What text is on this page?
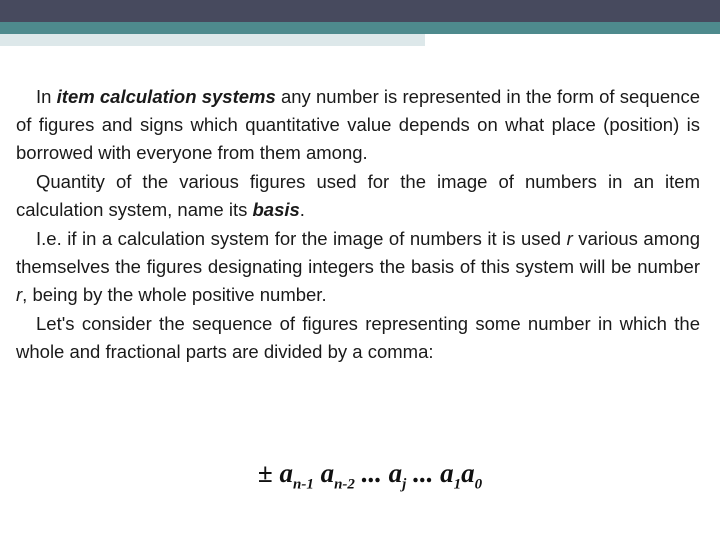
In item calculation systems any number is represented in the form of sequence of figures and signs which quantitative value depends on what place (position) is borrowed with everyone from them among.

Quantity of the various figures used for the image of numbers in an item calculation system, name its basis.

I.e. if in a calculation system for the image of numbers it is used r various among themselves the figures designating integers the basis of this system will be number r, being by the whole positive number.

Let's consider the sequence of figures representing some number in which the whole and fractional parts are divided by a comma:

± $a_{n-1}$ $a_{n-2}$ ... $a_j$ ... $a_1a_0$
